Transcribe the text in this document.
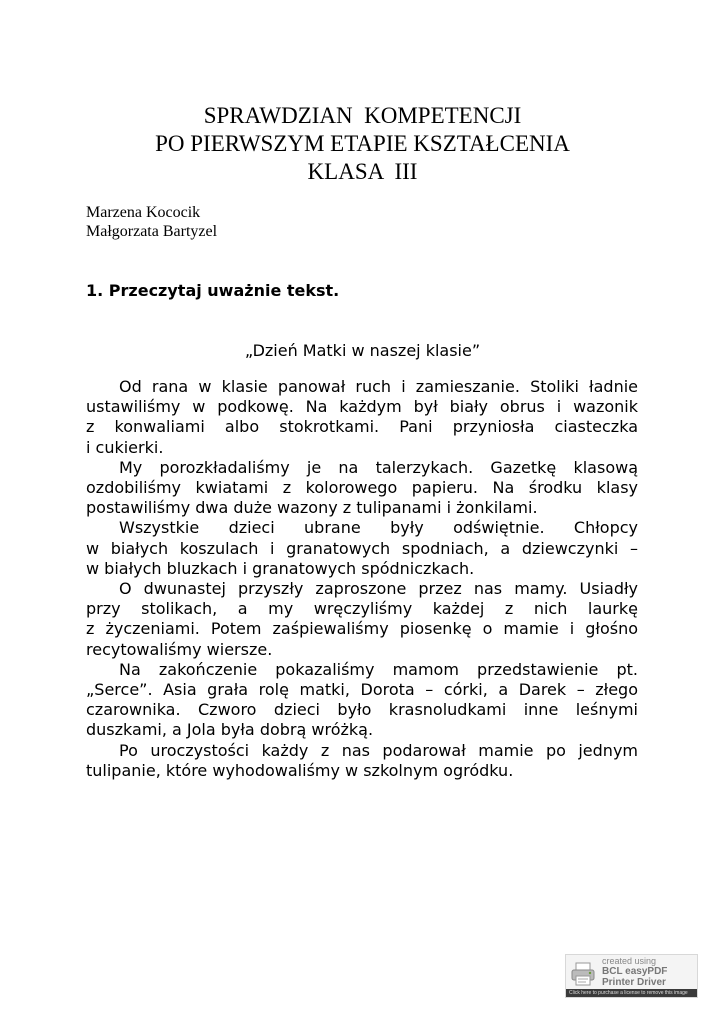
SPRAWDZIAN  KOMPETENCJI
PO PIERWSZYM ETAPIE KSZTAŁCENIA
KLASA  III
Marzena Kococik
Małgorzata Bartyzel
1. Przeczytaj uważnie tekst.
„Dzień Matki w naszej klasie”
Od rana w klasie panował ruch i zamieszanie. Stoliki ładnie
ustawiliśmy w podkowę. Na każdym był biały obrus i wazonik
z konwaliami albo stokrotkami. Pani przyniosła ciasteczka
i cukierki.
My porozkładaliśmy je na talerzykach. Gazetkę klasową
ozdobiliśmy kwiatami z kolorowego papieru. Na środku klasy
postawiliśmy dwa duże wazony z tulipanami i żonkilami.
Wszystkie dzieci ubrane były odświętnie. Chłopcy
w białych koszulach i granatowych spodniach, a dziewczynki –
w białych bluzkach i granatowych spódniczkach.
O dwunastej przyszły zaproszone przez nas mamy. Usiadły
przy stolikach, a my wręczyliśmy każdej z nich laurkę
z życzeniami. Potem zaśpiewaliśmy piosenkę o mamie i głośno
recytowaliśmy wiersze.
Na zakończenie pokazaliśmy mamom przedstawienie pt.
„Serce”. Asia grała rolę matki, Dorota – córki, a Darek – złego
czarownika. Czworo dzieci było krasnoludkami inne leśnymi
duszkami, a Jola była dobrą wróżką.
Po uroczystości każdy z nas podarował mamie po jednym
tulipanie, które wyhodowaliśmy w szkolnym ogródku.
created using
BCL easyPDF
Printer Driver
Click here to purchase a license to remove this image
